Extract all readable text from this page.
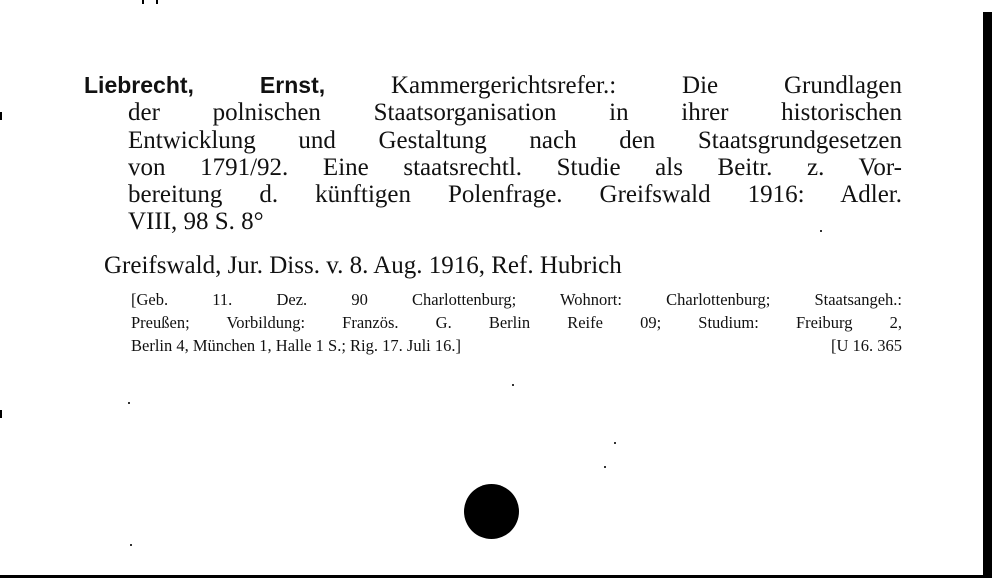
Liebrecht, Ernst, Kammergerichtsrefer.: Die Grundlagen
der polnischen Staatsorganisation in ihrer historischen
Entwicklung und Gestaltung nach den Staatsgrundgesetzen
von 1791/92. Eine staatsrechtl. Studie als Beitr. z. Vor-
bereitung d. künftigen Polenfrage. Greifswald 1916: Adler.
VIII, 98 S. 8°
Greifswald, Jur. Diss. v. 8. Aug. 1916, Ref. Hubrich
[Geb. 11. Dez. 90 Charlottenburg; Wohnort: Charlottenburg; Staatsangeh.:
Preußen; Vorbildung: Französ. G. Berlin Reife 09; Studium: Freiburg 2,
Berlin 4, München 1, Halle 1 S.; Rig. 17. Juli 16.]	[U 16. 365
